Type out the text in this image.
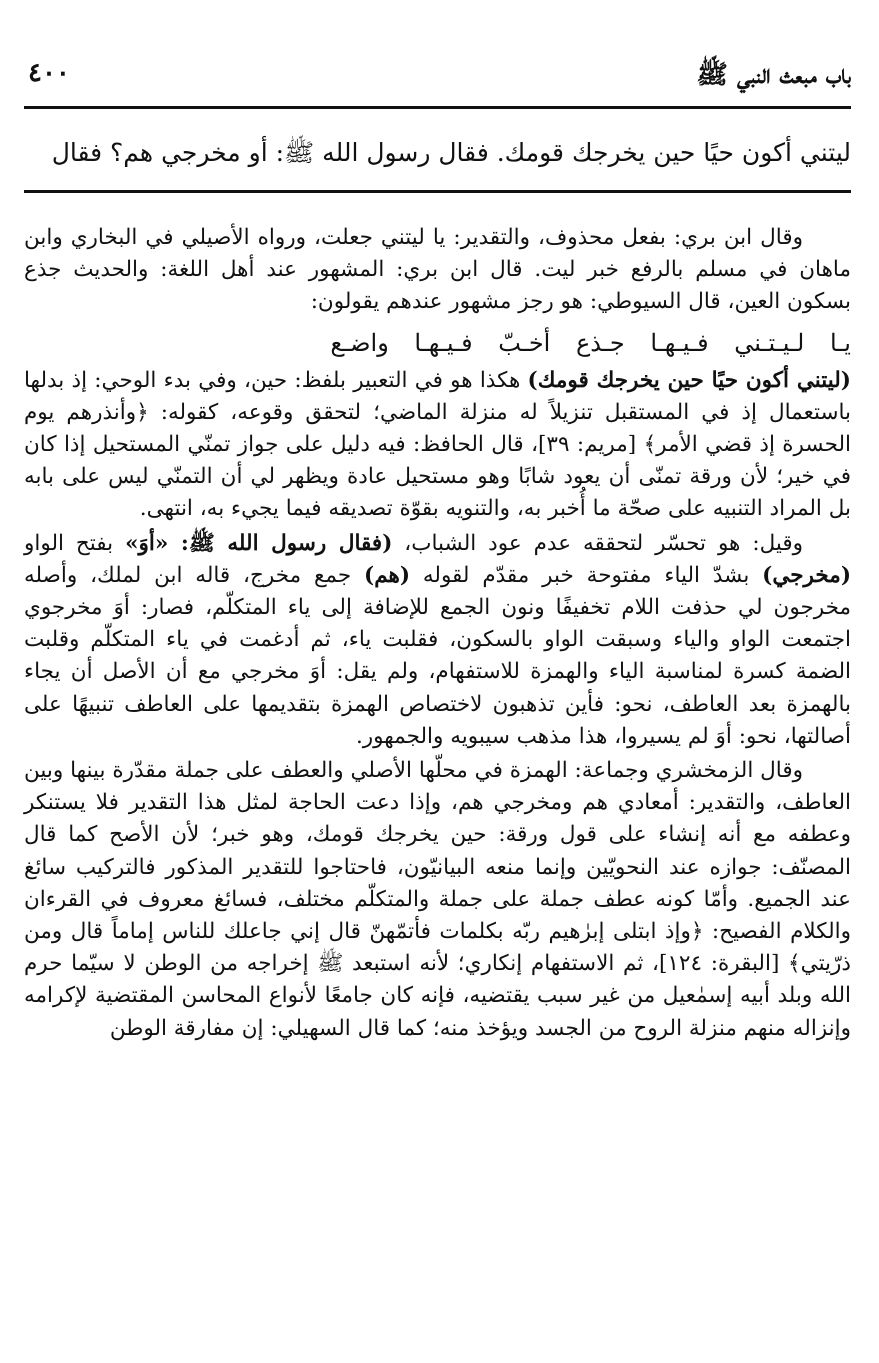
باب مبعث النبي ﷺ
٤٠٠
ليتني أكون حيًا حين يخرجك قومك. فقال رسول الله ﷺ: أو مخرجي هم؟ فقال

وقال ابن بري: بفعل محذوف، والتقدير: يا ليتني جعلت، ورواه الأصيلي في البخاري وابن ماهان في مسلم بالرفع خبر ليت. قال ابن بري: المشهور عند أهل اللغة: والحديث جذع بسكون العين، قال السيوطي: هو رجز مشهور عندهم يقولون:

يـا لـيـتـني فـيـهـا جـذع أخـبّ فـيـهـا واضـع

(ليتني أكون حيًا حين يخرجك قومك) هكذا هو في التعبير بلفظ: حين، وفي بدء الوحي: إذ بدلها باستعمال إذ في المستقبل تنزيلاً له منزلة الماضي؛ لتحقق وقوعه، كقوله: ﴿وأنذرهم يوم الحسرة إذ قضي الأمر﴾ [مريم: ٣٩]، قال الحافظ: فيه دليل على جواز تمنّي المستحيل إذا كان في خير؛ لأن ورقة تمنّى أن يعود شابًا وهو مستحيل عادة ويظهر لي أن التمنّي ليس على بابه بل المراد التنبيه على صحّة ما أُخبر به، والتنويه بقوّة تصديقه فيما يجيء به، انتهى.

وقيل: هو تحسّر لتحققه عدم عود الشباب، (فقال رسول الله ﷺ: «أوَ» بفتح الواو (مخرجي) بشدّ الياء مفتوحة خبر مقدّم لقوله (هم) جمع مخرج، قاله ابن لملك، وأصله مخرجون لي حذفت اللام تخفيفًا ونون الجمع للإضافة إلى ياء المتكلّم، فصار: أوَ مخرجوي اجتمعت الواو والياء وسبقت الواو بالسكون، فقلبت ياء، ثم أدغمت في ياء المتكلّم وقلبت الضمة كسرة لمناسبة الياء والهمزة للاستفهام، ولم يقل: أوَ مخرجي مع أن الأصل أن يجاء بالهمزة بعد العاطف، نحو: فأين تذهبون لاختصاص الهمزة بتقديمها على العاطف تنبيهًا على أصالتها، نحو: أوَ لم يسيروا، هذا مذهب سيبويه والجمهور.

وقال الزمخشري وجماعة: الهمزة في محلّها الأصلي والعطف على جملة مقدّرة بينها وبين العاطف، والتقدير: أمعادي هم ومخرجي هم، وإذا دعت الحاجة لمثل هذا التقدير فلا يستنكر وعطفه مع أنه إنشاء على قول ورقة: حين يخرجك قومك، وهو خبر؛ لأن الأصح كما قال المصنّف: جوازه عند النحويّين وإنما منعه البيانيّون، فاحتاجوا للتقدير المذكور فالتركيب سائغ عند الجميع. وأمّا كونه عطف جملة على جملة والمتكلّم مختلف، فسائغ معروف في القرءان والكلام الفصيح: ﴿وإذ ابتلى إبرٰهيم ربّه بكلمات فأتمّهنّ قال إني جاعلك للناس إماماً قال ومن ذرّيتي﴾ [البقرة: ١٢٤]، ثم الاستفهام إنكاري؛ لأنه استبعد ﷺ إخراجه من الوطن لا سيّما حرم الله وبلد أبيه إسمٰعيل من غير سبب يقتضيه، فإنه كان جامعًا لأنواع المحاسن المقتضية لإكرامه وإنزاله منهم منزلة الروح من الجسد ويؤخذ منه؛ كما قال السهيلي: إن مفارقة الوطن
